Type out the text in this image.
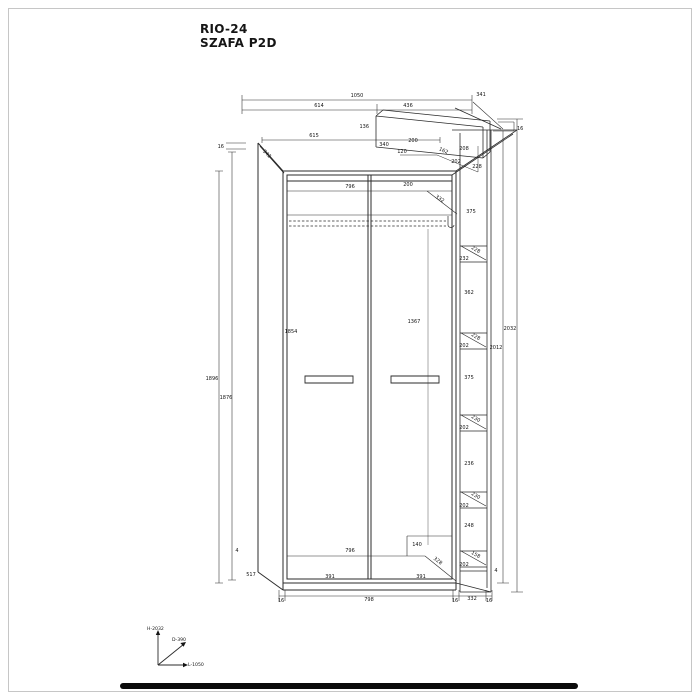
RIO-24
SZAFA P2D
1050
614	436
341
16
615
16
342
136
340
200
120	162 208
202
228
1896
1876
4
517
2032
2012
796	200
332
1854
1367
796
140
328
391	391
375
228
232
362
228
202
375
230
202
236
230
202
248
158
202
4
16	798	16 332 16
H-2032
D-390
L-1050
